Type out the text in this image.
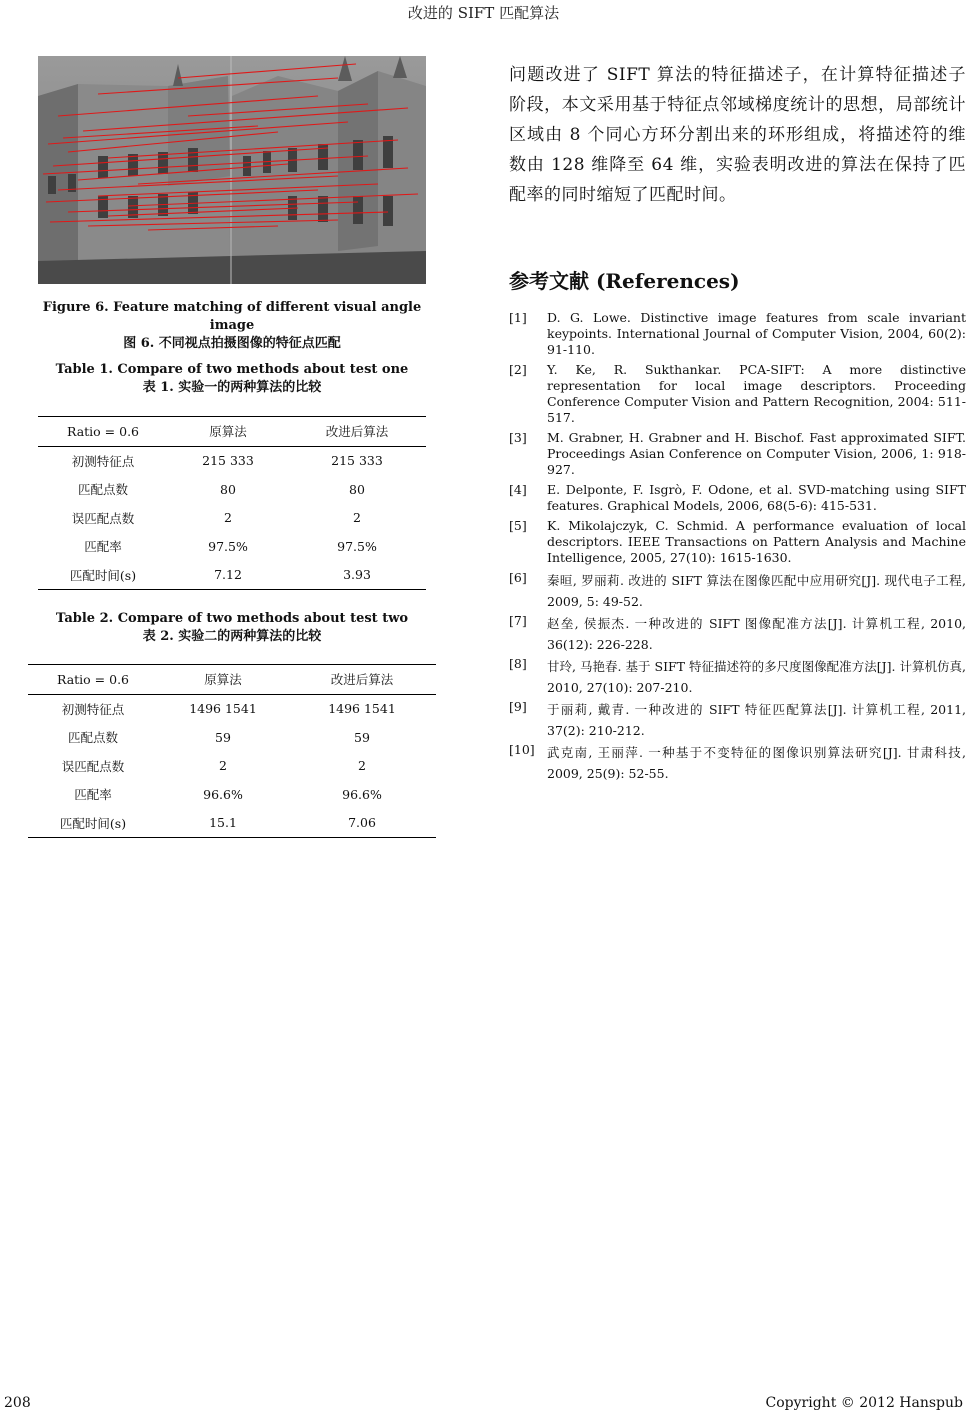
改进的 SIFT 匹配算法
Figure 6. Feature matching of different visual angle image
图 6. 不同视点拍摄图像的特征点匹配
Table 1. Compare of two methods about test one
表 1. 实验一的两种算法的比较
Ratio = 0.6	原算法	改进后算法
初测特征点	215 333	215 333
匹配点数	80	80
误匹配点数	2	2
匹配率	97.5%	97.5%
匹配时间(s)	7.12	3.93
Table 2. Compare of two methods about test two
表 2. 实验二的两种算法的比较
Ratio = 0.6	原算法	改进后算法
初测特征点	1496 1541	1496 1541
匹配点数	59	59
误匹配点数	2	2
匹配率	96.6%	96.6%
匹配时间(s)	15.1	7.06
问题改进了 SIFT 算法的特征描述子，在计算特征描述子阶段，本文采用基于特征点邻域梯度统计的思想，局部统计区域由 8 个同心方环分割出来的环形组成，将描述符的维数由 128 维降至 64 维，实验表明改进的算法在保持了匹配率的同时缩短了匹配时间。
参考文献 (References)
[1]	D. G. Lowe. Distinctive image features from scale invariant keypoints. International Journal of Computer Vision, 2004, 60(2): 91-110.
[2]	Y. Ke, R. Sukthankar. PCA-SIFT: A more distinctive representation for local image descriptors. Proceeding Conference Computer Vision and Pattern Recognition, 2004: 511-517.
[3]	M. Grabner, H. Grabner and H. Bischof. Fast approximated SIFT. Proceedings Asian Conference on Computer Vision, 2006, 1: 918-927.
[4]	E. Delponte, F. Isgrò, F. Odone, et al. SVD-matching using SIFT features. Graphical Models, 2006, 68(5-6): 415-531.
[5]	K. Mikolajczyk, C. Schmid. A performance evaluation of local descriptors. IEEE Transactions on Pattern Analysis and Machine Intelligence, 2005, 27(10): 1615-1630.
[6]	秦晅, 罗丽莉. 改进的 SIFT 算法在图像匹配中应用研究[J]. 现代电子工程, 2009, 5: 49-52.
[7]	赵垒, 侯振杰. 一种改进的 SIFT 图像配准方法[J]. 计算机工程, 2010, 36(12): 226-228.
[8]	甘玲, 马艳春. 基于 SIFT 特征描述符的多尺度图像配准方法[J]. 计算机仿真, 2010, 27(10): 207-210.
[9]	于丽莉, 戴青. 一种改进的 SIFT 特征匹配算法[J]. 计算机工程, 2011, 37(2): 210-212.
[10] 武克南, 王丽萍. 一种基于不变特征的图像识别算法研究[J]. 甘肃科技, 2009, 25(9): 52-55.
208	Copyright © 2012 Hanspub
